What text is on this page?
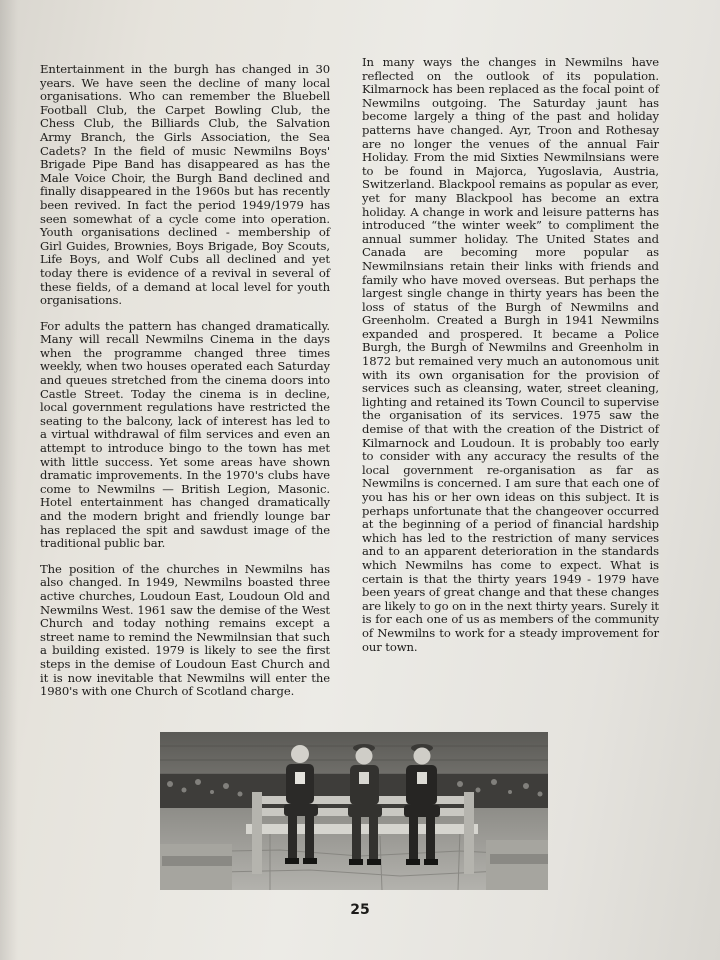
Entertainment in the burgh has changed in 30 years. We have seen the decline of many local organisations. Who can remember the Bluebell Football Club, the Carpet Bowling Club, the Chess Club, the Billiards Club, the Salvation Army Branch, the Girls Association, the Sea Cadets? In the field of music Newmilns Boys' Brigade Pipe Band has disappeared as has the Male Voice Choir, the Burgh Band declined and finally disappeared in the 1960s but has recently been revived. In fact the period 1949/1979 has seen somewhat of a cycle come into operation. Youth organisations declined - membership of Girl Guides, Brownies, Boys Brigade, Boy Scouts, Life Boys, and Wolf Cubs all declined and yet today there is evidence of a revival in several of these fields, of a demand at local level for youth organisations.

For adults the pattern has changed dramatically. Many will recall Newmilns Cinema in the days when the programme changed three times weekly, when two houses operated each Saturday and queues stretched from the cinema doors into Castle Street. Today the cinema is in decline, local government regulations have restricted the seating to the balcony, lack of interest has led to a virtual withdrawal of film services and even an attempt to introduce bingo to the town has met with little success. Yet some areas have shown dramatic improvements. In the 1970's clubs have come to Newmilns — British Legion, Masonic. Hotel entertainment has changed dramatically and the modern bright and friendly lounge bar has replaced the spit and sawdust image of the traditional public bar.

The position of the churches in Newmilns has also changed. In 1949, Newmilns boasted three active churches, Loudoun East, Loudoun Old and Newmilns West. 1961 saw the demise of the West Church and today nothing remains except a street name to remind the Newmilnsian that such a building existed. 1979 is likely to see the first steps in the demise of Loudoun East Church and it is now inevitable that Newmilns will enter the 1980's with one Church of Scotland charge.

In many ways the changes in Newmilns have reflected on the outlook of its population. Kilmarnock has been replaced as the focal point of Newmilns outgoing. The Saturday jaunt has become largely a thing of the past and holiday patterns have changed. Ayr, Troon and Rothesay are no longer the venues of the annual Fair Holiday. From the mid Sixties Newmilnsians were to be found in Majorca, Yugoslavia, Austria, Switzerland. Blackpool remains as popular as ever, yet for many Blackpool has become an extra holiday. A change in work and leisure patterns has introduced “the winter week” to compliment the annual summer holiday. The United States and Canada are becoming more popular as Newmilnsians retain their links with friends and family who have moved overseas. But perhaps the largest single change in thirty years has been the loss of status of the Burgh of Newmilns and Greenholm. Created a Burgh in 1941 Newmilns expanded and prospered. It became a Police Burgh, the Burgh of Newmilns and Greenholm in 1872 but remained very much an autonomous unit with its own organisation for the provision of services such as cleansing, water, street cleaning, lighting and retained its Town Council to supervise the organisation of its services. 1975 saw the demise of that with the creation of the District of Kilmarnock and Loudoun. It is probably too early to consider with any accuracy the results of the local government re-organisation as far as Newmilns is concerned. I am sure that each one of you has his or her own ideas on this subject. It is perhaps unfortunate that the changeover occurred at the beginning of a period of financial hardship which has led to the restriction of many services and to an apparent deterioration in the standards which Newmilns has come to expect. What is certain is that the thirty years 1949 - 1979 have been years of great change and that these changes are likely to go on in the next thirty years. Surely it is for each one of us as members of the community of Newmilns to work for a steady improvement for our town.

25
